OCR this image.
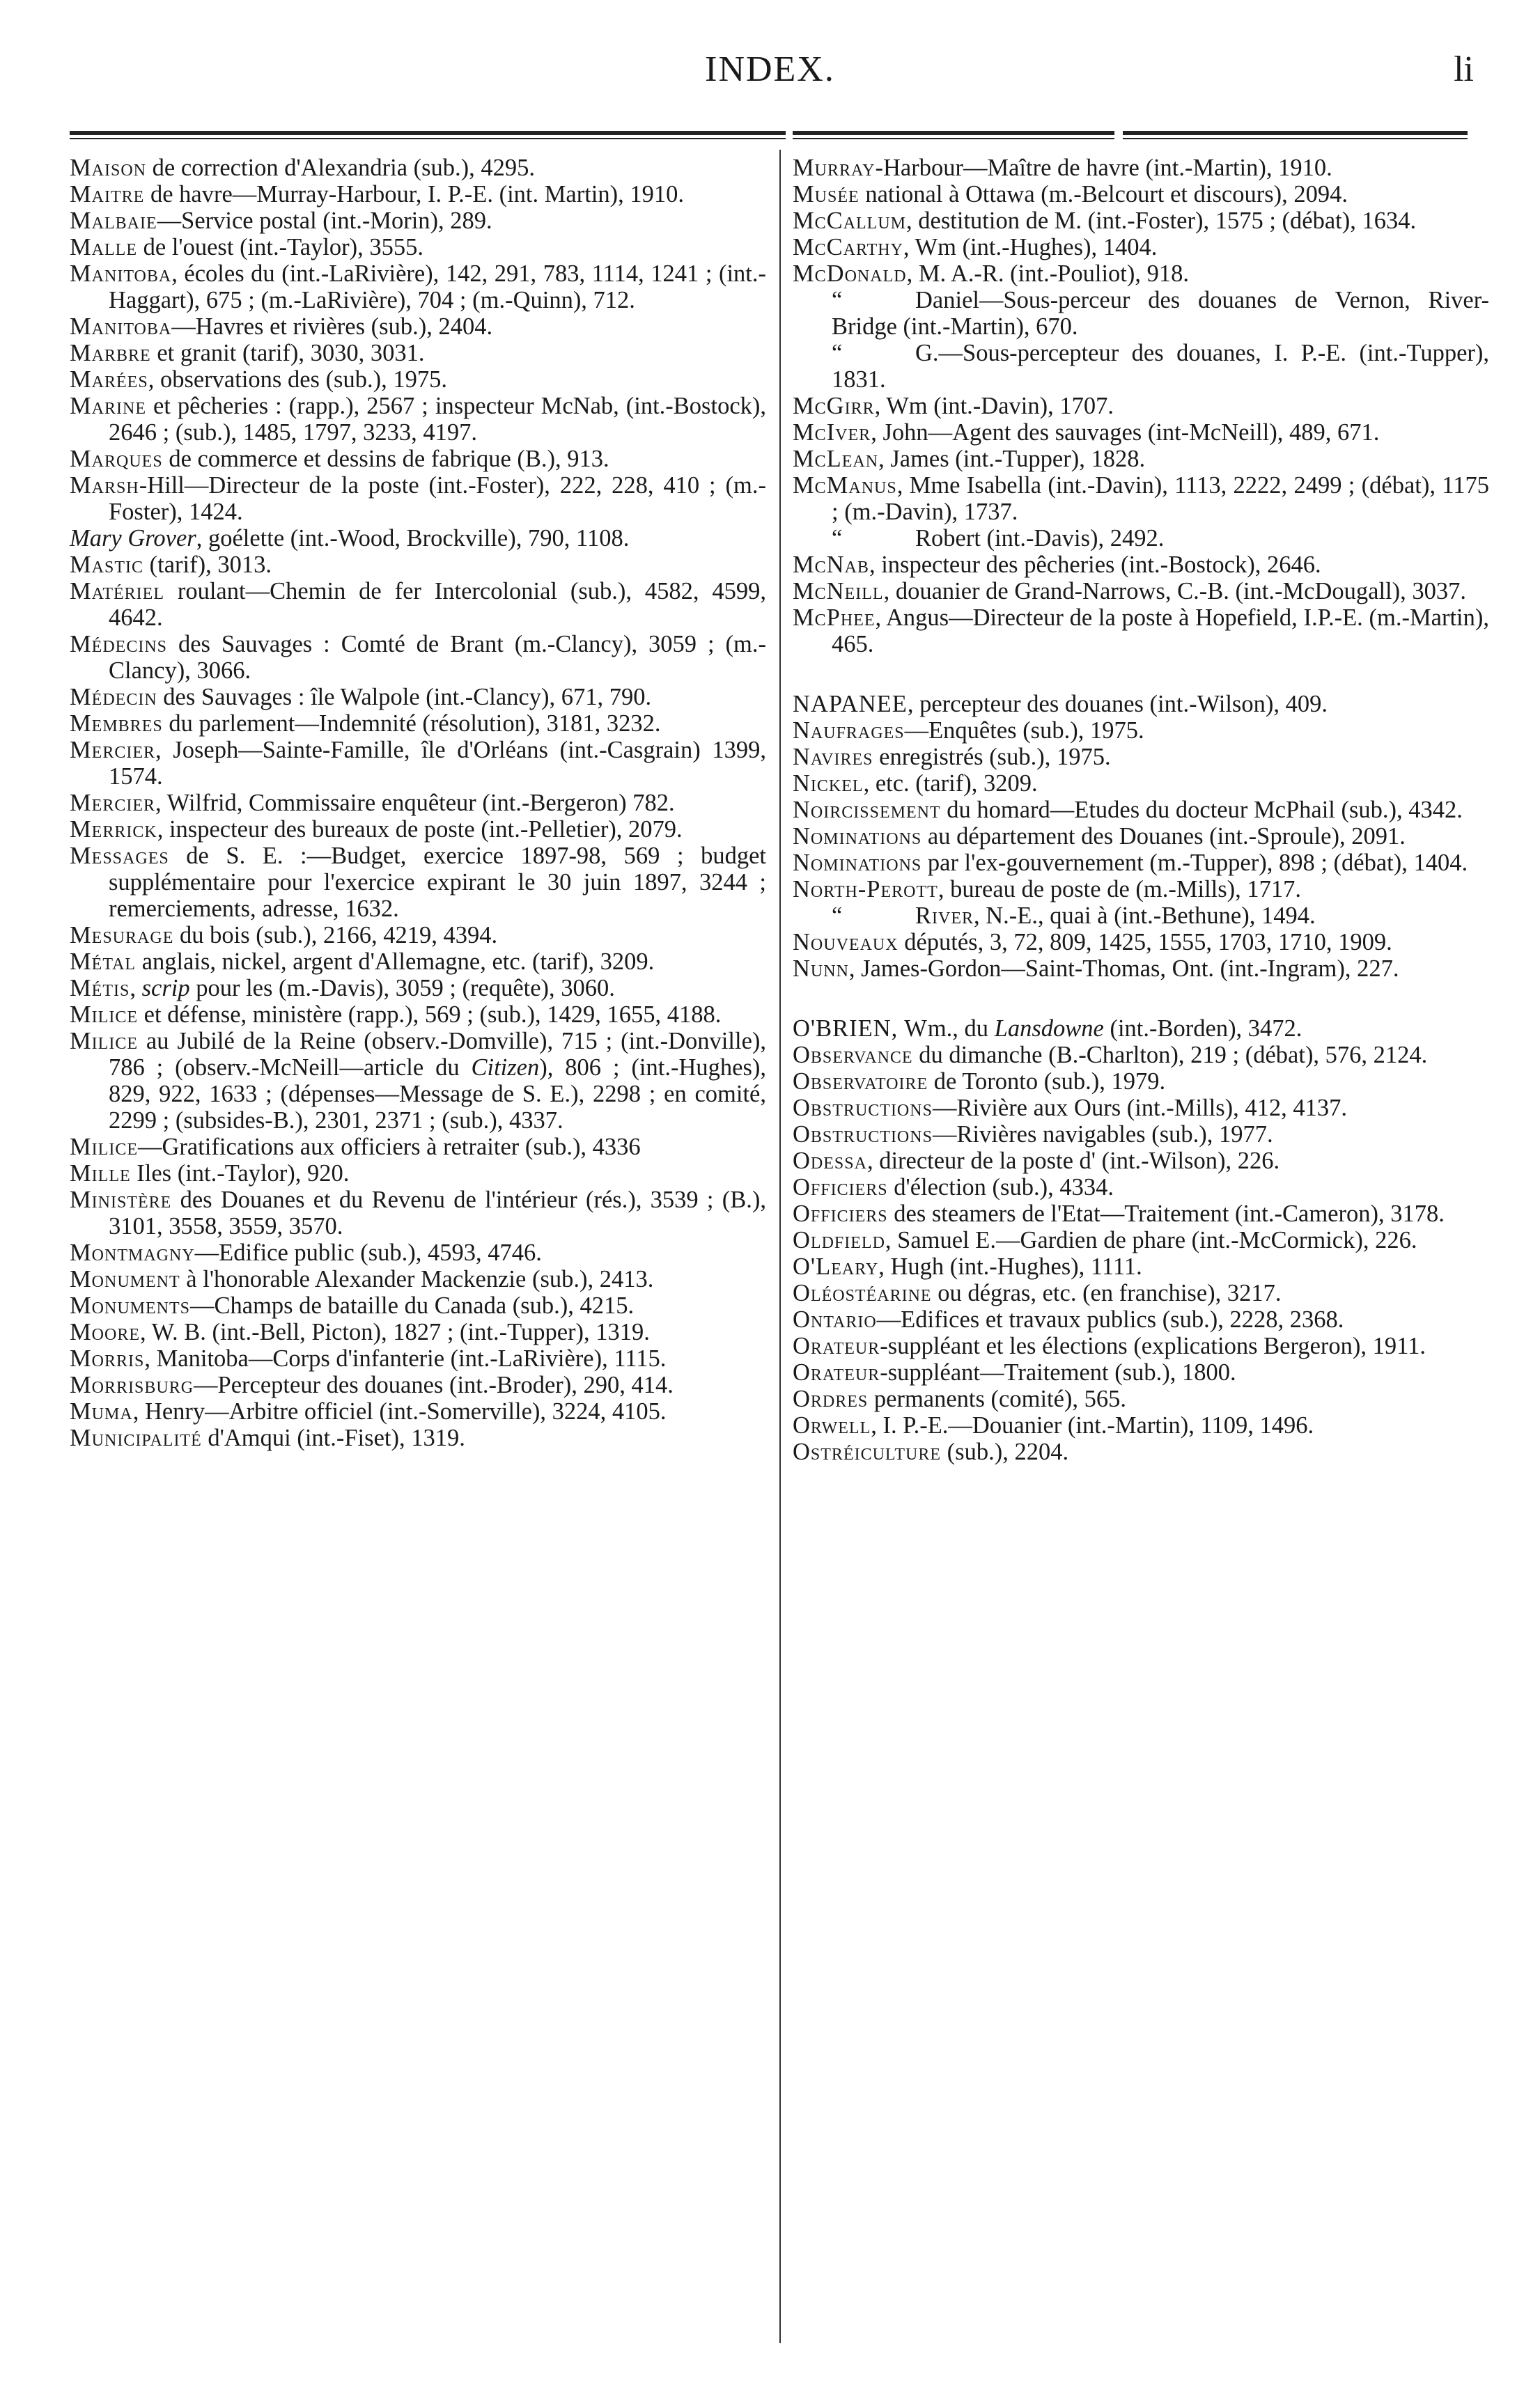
INDEX.	li

Maison de correction d'Alexandria (sub.), 4295.

Maitre de havre—Murray-Harbour, I. P.-E. (int. Martin), 1910.

Malbaie—Service postal (int.-Morin), 289.

Malle de l'ouest (int.-Taylor), 3555.

Manitoba, écoles du (int.-LaRivière), 142, 291, 783, 1114, 1241 ; (int.-Haggart), 675 ; (m.-LaRivière), 704 ; (m.-Quinn), 712.

Manitoba—Havres et rivières (sub.), 2404.

Marbre et granit (tarif), 3030, 3031.

Marées, observations des (sub.), 1975.

Marine et pêcheries : (rapp.), 2567 ; inspecteur McNab, (int.-Bostock), 2646 ; (sub.), 1485, 1797, 3233, 4197.

Marques de commerce et dessins de fabrique (B.), 913.

Marsh-Hill—Directeur de la poste (int.-Foster), 222, 228, 410 ; (m.-Foster), 1424.

Mary Grover, goélette (int.-Wood, Brockville), 790, 1108.

Mastic (tarif), 3013.

Matériel roulant—Chemin de fer Intercolonial (sub.), 4582, 4599, 4642.

Médecins des Sauvages : Comté de Brant (m.-Clancy), 3059 ; (m.-Clancy), 3066.

Médecin des Sauvages : île Walpole (int.-Clancy), 671, 790.

Membres du parlement—Indemnité (résolution), 3181, 3232.

Mercier, Joseph—Sainte-Famille, île d'Orléans (int.-Casgrain) 1399, 1574.

Mercier, Wilfrid, Commissaire enquêteur (int.-Bergeron) 782.

Merrick, inspecteur des bureaux de poste (int.-Pelletier), 2079.

Messages de S. E. :—Budget, exercice 1897-98, 569 ; budget supplémentaire pour l'exercice expirant le 30 juin 1897, 3244 ; remerciements, adresse, 1632.

Mesurage du bois (sub.), 2166, 4219, 4394.

Métal anglais, nickel, argent d'Allemagne, etc. (tarif), 3209.

Métis, scrip pour les (m.-Davis), 3059 ; (requête), 3060.

Milice et défense, ministère (rapp.), 569 ; (sub.), 1429, 1655, 4188.

Milice au Jubilé de la Reine (observ.-Domville), 715 ; (int.-Donville), 786 ; (observ.-McNeill—article du Citizen), 806 ; (int.-Hughes), 829, 922, 1633 ; (dépenses—Message de S. E.), 2298 ; en comité, 2299 ; (subsides-B.), 2301, 2371 ; (sub.), 4337.

Milice—Gratifications aux officiers à retraiter (sub.), 4336

Mille Iles (int.-Taylor), 920.

Ministère des Douanes et du Revenu de l'intérieur (rés.), 3539 ; (B.), 3101, 3558, 3559, 3570.

Montmagny—Edifice public (sub.), 4593, 4746.

Monument à l'honorable Alexander Mackenzie (sub.), 2413.

Monuments—Champs de bataille du Canada (sub.), 4215.

Moore, W. B. (int.-Bell, Picton), 1827 ; (int.-Tupper), 1319.

Morris, Manitoba—Corps d'infanterie (int.-LaRivière), 1115.

Morrisburg—Percepteur des douanes (int.-Broder), 290, 414.

Muma, Henry—Arbitre officiel (int.-Somerville), 3224, 4105.

Municipalité d'Amqui (int.-Fiset), 1319.

Murray-Harbour—Maître de havre (int.-Martin), 1910.

Musée national à Ottawa (m.-Belcourt et discours), 2094.

McCallum, destitution de M. (int.-Foster), 1575 ; (débat), 1634.

McCarthy, Wm (int.-Hughes), 1404.

McDonald, M. A.-R. (int.-Pouliot), 918.

“	Daniel—Sous-perceur des douanes de Vernon, River-Bridge (int.-Martin), 670.

“	G.—Sous-percepteur des douanes, I. P.-E. (int.-Tupper), 1831.

McGirr, Wm (int.-Davin), 1707.

McIver, John—Agent des sauvages (int-McNeill), 489, 671.

McLean, James (int.-Tupper), 1828.

McManus, Mme Isabella (int.-Davin), 1113, 2222, 2499 ; (débat), 1175 ; (m.-Davin), 1737.

“	Robert (int.-Davis), 2492.

McNab, inspecteur des pêcheries (int.-Bostock), 2646.

McNeill, douanier de Grand-Narrows, C.-B. (int.-McDougall), 3037.

McPhee, Angus—Directeur de la poste à Hopefield, I.P.-E. (m.-Martin), 465.

NAPANEE, percepteur des douanes (int.-Wilson), 409.

Naufrages—Enquêtes (sub.), 1975.

Navires enregistrés (sub.), 1975.

Nickel, etc. (tarif), 3209.

Noircissement du homard—Etudes du docteur McPhail (sub.), 4342.

Nominations au département des Douanes (int.-Sproule), 2091.

Nominations par l'ex-gouvernement (m.-Tupper), 898 ; (débat), 1404.

North-Perott, bureau de poste de (m.-Mills), 1717.

“	River, N.-E., quai à (int.-Bethune), 1494.

Nouveaux députés, 3, 72, 809, 1425, 1555, 1703, 1710, 1909.

Nunn, James-Gordon—Saint-Thomas, Ont. (int.-Ingram), 227.

O'BRIEN, Wm., du Lansdowne (int.-Borden), 3472.

Observance du dimanche (B.-Charlton), 219 ; (débat), 576, 2124.

Observatoire de Toronto (sub.), 1979.

Obstructions—Rivière aux Ours (int.-Mills), 412, 4137.

Obstructions—Rivières navigables (sub.), 1977.

Odessa, directeur de la poste d' (int.-Wilson), 226.

Officiers d'élection (sub.), 4334.

Officiers des steamers de l'Etat—Traitement (int.-Cameron), 3178.

Oldfield, Samuel E.—Gardien de phare (int.-McCormick), 226.

O'Leary, Hugh (int.-Hughes), 1111.

Oléostéarine ou dégras, etc. (en franchise), 3217.

Ontario—Edifices et travaux publics (sub.), 2228, 2368.

Orateur-suppléant et les élections (explications Bergeron), 1911.

Orateur-suppléant—Traitement (sub.), 1800.

Ordres permanents (comité), 565.

Orwell, I. P.-E.—Douanier (int.-Martin), 1109, 1496.

Ostréiculture (sub.), 2204.
